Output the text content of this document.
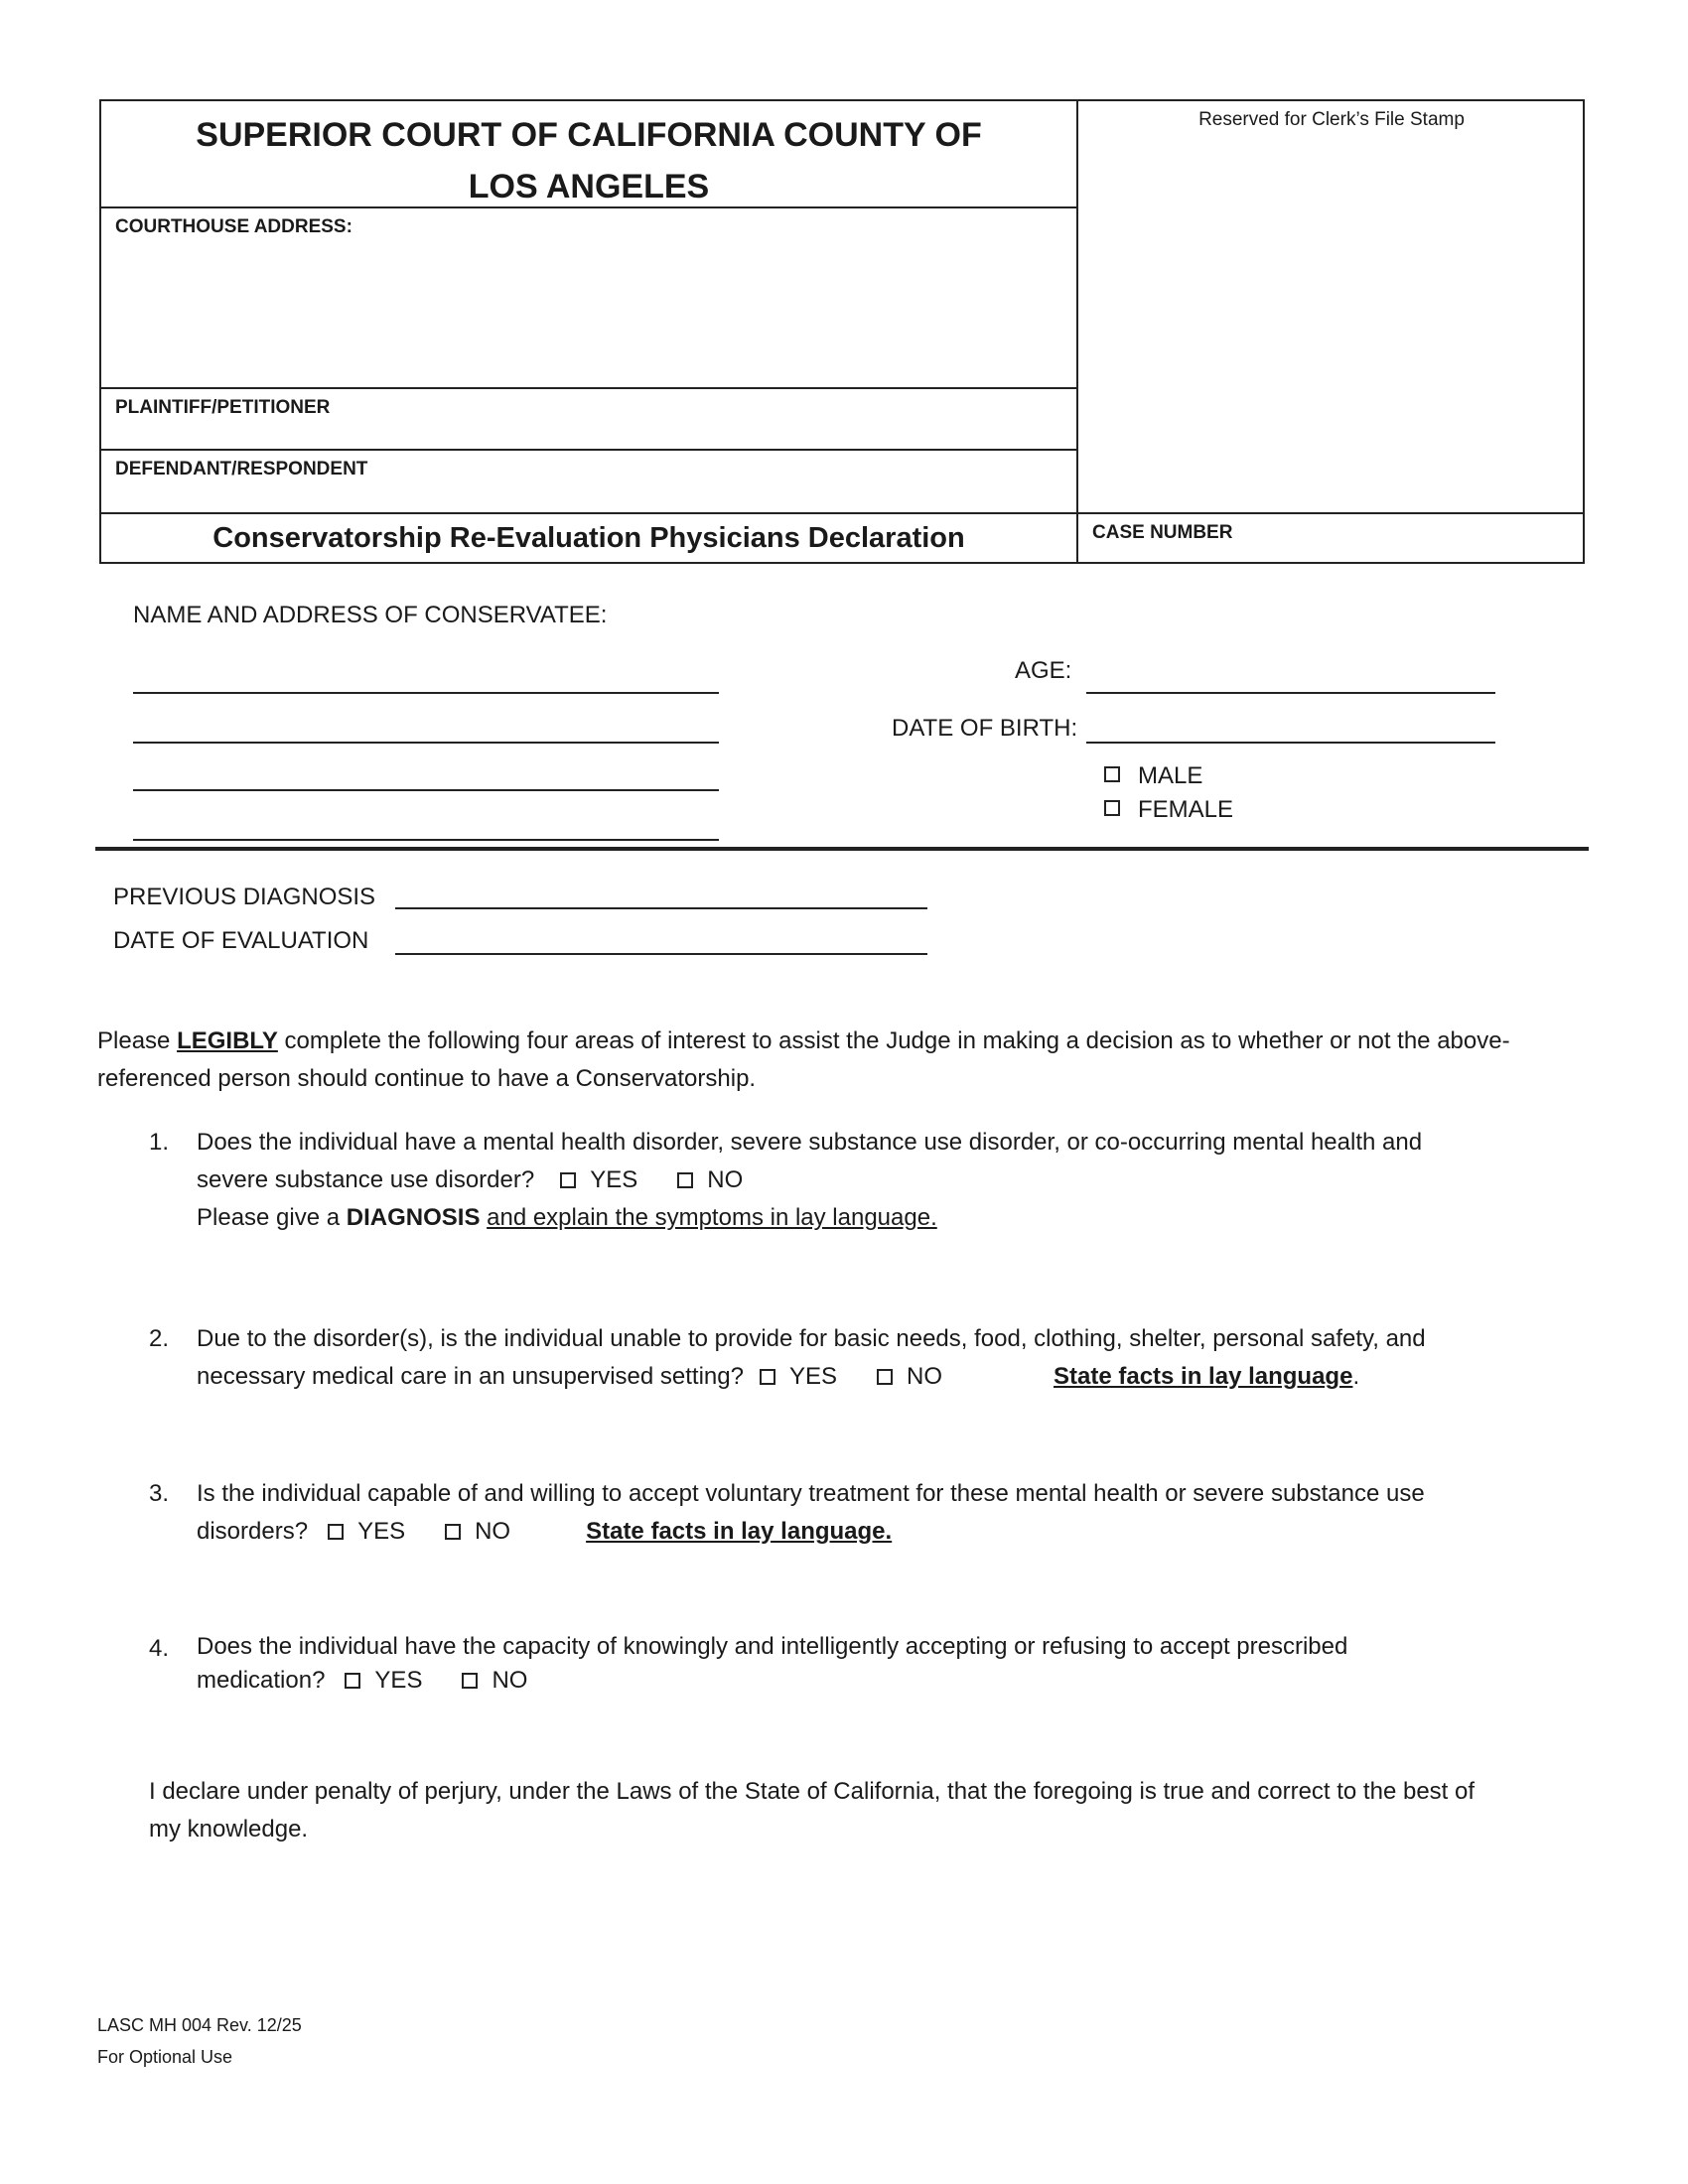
SUPERIOR COURT OF CALIFORNIA COUNTY OF
LOS ANGELES
COURTHOUSE ADDRESS:
PLAINTIFF/PETITIONER
DEFENDANT/RESPONDENT
Conservatorship Re-Evaluation Physicians Declaration
Reserved for Clerk’s File Stamp
CASE NUMBER
NAME AND ADDRESS OF CONSERVATEE:
AGE:
DATE OF BIRTH:
MALE
FEMALE
PREVIOUS DIAGNOSIS
DATE OF EVALUATION
Please LEGIBLY complete the following four areas of interest to assist the Judge in making a decision as to whether or not the above-
referenced person should continue to have a Conservatorship.
1. Does the individual have a mental health disorder, severe substance use disorder, or co-occurring mental health and
severe substance use disorder? YES	NO
Please give a DIAGNOSIS and explain the symptoms in lay language.
2. Due to the disorder(s), is the individual unable to provide for basic needs, food, clothing, shelter, personal safety, and
necessary medical care in an unsupervised setting? YES	NO	State facts in lay language.
3. Is the individual capable of and willing to accept voluntary treatment for these mental health or severe substance use
disorders? YES	NO	State facts in lay language.
4. Does the individual have the capacity of knowingly and intelligently accepting or refusing to accept prescribed
medication? YES	NO
I declare under penalty of perjury, under the Laws of the State of California, that the foregoing is true and correct to the best of
my knowledge.
LASC MH 004 Rev. 12/25
For Optional Use
